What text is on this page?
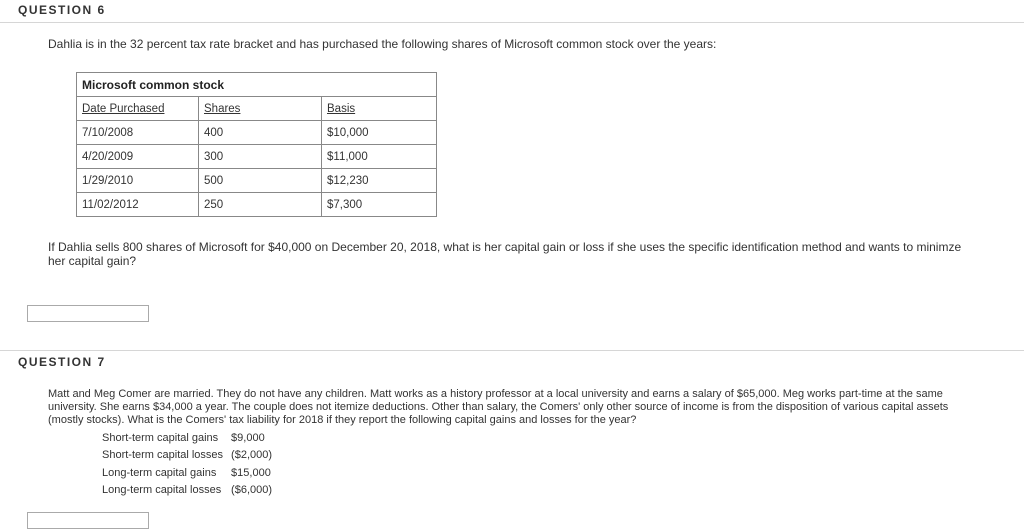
QUESTION 6
Dahlia is in the 32 percent tax rate bracket and has purchased the following shares of Microsoft common stock over the years:
Microsoft common stock		
Date Purchased	Shares	Basis
7/10/2008	400	$10,000
4/20/2009	300	$11,000
1/29/2010	500	$12,230
11/02/2012	250	$7,300
If Dahlia sells 800 shares of Microsoft for $40,000 on December 20, 2018, what is her capital gain or loss if she uses the specific identification method and wants to minimze her capital gain?
QUESTION 7
Matt and Meg Comer are married. They do not have any children. Matt works as a history professor at a local university and earns a salary of $65,000. Meg works part-time at the same university. She earns $34,000 a year. The couple does not itemize deductions. Other than salary, the Comers' only other source of income is from the disposition of various capital assets (mostly stocks). What is the Comers' tax liability for 2018 if they report the following capital gains and losses for the year?
Short-term capital gains	$9,000
Short-term capital losses	($2,000)
Long-term capital gains	$15,000
Long-term capital losses	($6,000)
